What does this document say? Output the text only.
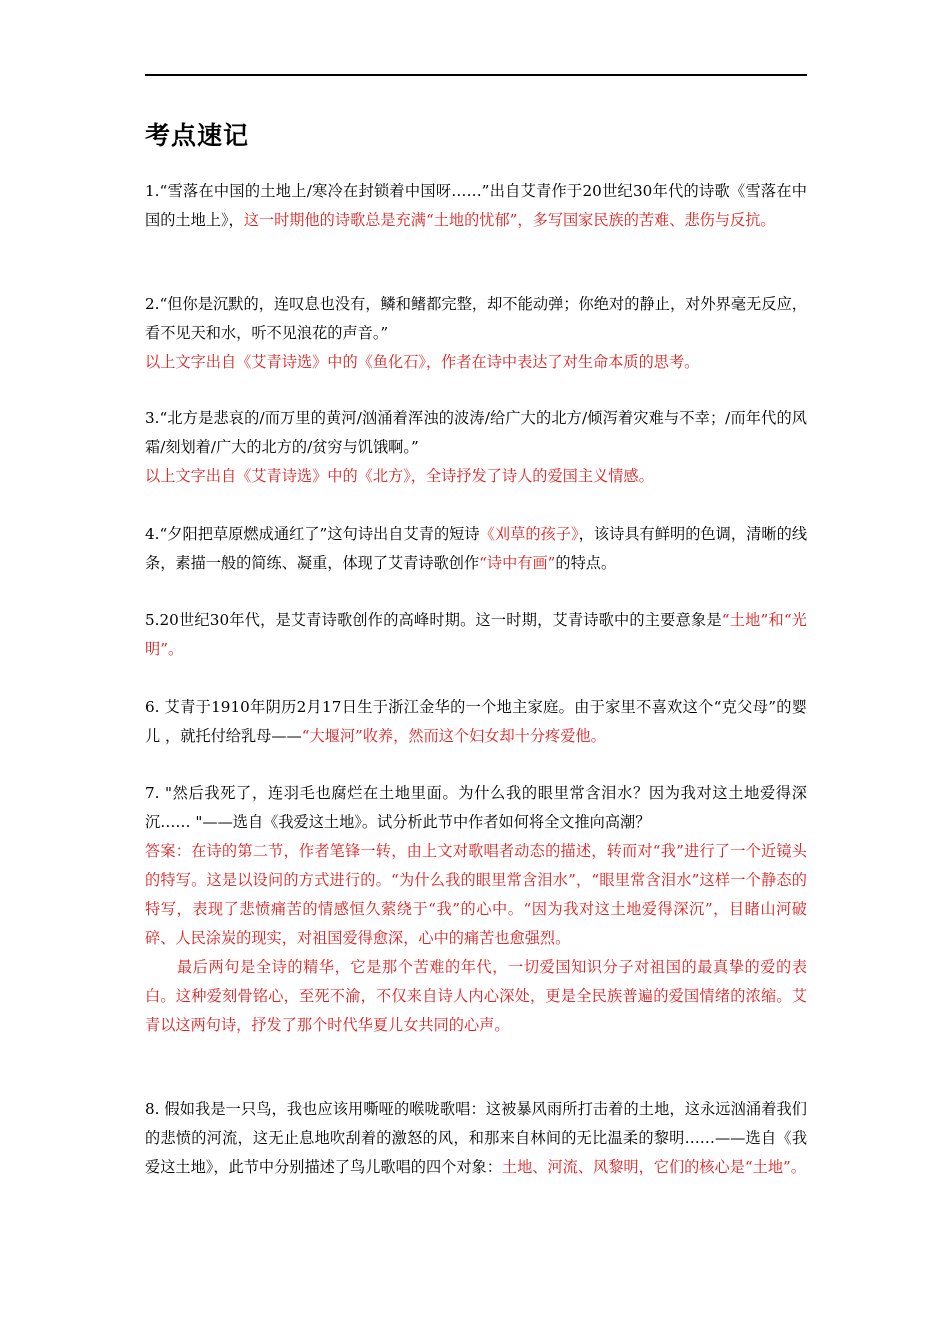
考点速记

1.“雪落在中国的土地上/寒冷在封锁着中国呀……”出自艾青作于20世纪30年代的诗歌《雪落在中国的土地上》，这一时期他的诗歌总是充满“土地的忧郁”，多写国家民族的苦难、悲伤与反抗。

2.“但你是沉默的，连叹息也没有，鳞和鳍都完整，却不能动弹；你绝对的静止，对外界毫无反应，看不见天和水，听不见浪花的声音。”
以上文字出自《艾青诗选》中的《鱼化石》，作者在诗中表达了对生命本质的思考。

3.“北方是悲哀的/而万里的黄河/汹涌着浑浊的波涛/给广大的北方/倾泻着灾难与不幸；/而年代的风霜/刻划着/广大的北方的/贫穷与饥饿啊。”
以上文字出自《艾青诗选》中的《北方》，全诗抒发了诗人的爱国主义情感。

4.“夕阳把草原燃成通红了”这句诗出自艾青的短诗《刈草的孩子》，该诗具有鲜明的色调，清晰的线条，素描一般的简练、凝重，体现了艾青诗歌创作“诗中有画”的特点。

5.20世纪30年代，是艾青诗歌创作的高峰时期。这一时期，艾青诗歌中的主要意象是“土地”和“光明”。

6. 艾青于1910年阴历2月17日生于浙江金华的一个地主家庭。由于家里不喜欢这个“克父母”的婴儿 ，就托付给乳母——“大堰河”收养，然而这个妇女却十分疼爱他。

7. "然后我死了，连羽毛也腐烂在土地里面。为什么我的眼里常含泪水？因为我对这土地爱得深沉…… "——选自《我爱这土地》。试分析此节中作者如何将全文推向高潮？
答案：在诗的第二节，作者笔锋一转，由上文对歌唱者动态的描述，转而对“我”进行了一个近镜头的特写。这是以设问的方式进行的。“为什么我的眼里常含泪水”，“眼里常含泪水”这样一个静态的特写，表现了悲愤痛苦的情感恒久萦绕于“我”的心中。“因为我对这土地爱得深沉”，目睹山河破碎、人民涂炭的现实，对祖国爱得愈深，心中的痛苦也愈强烈。

最后两句是全诗的精华，它是那个苦难的年代，一切爱国知识分子对祖国的最真挚的爱的表白。这种爱刻骨铭心，至死不渝，不仅来自诗人内心深处，更是全民族普遍的爱国情绪的浓缩。艾青以这两句诗，抒发了那个时代华夏儿女共同的心声。

8. 假如我是一只鸟，我也应该用嘶哑的喉咙歌唱：这被暴风雨所打击着的土地，这永远汹涌着我们的悲愤的河流，这无止息地吹刮着的激怒的风，和那来自林间的无比温柔的黎明……——选自《我爱这土地》，此节中分别描述了鸟儿歌唱的四个对象：土地、河流、风黎明，它们的核心是“土地”。
